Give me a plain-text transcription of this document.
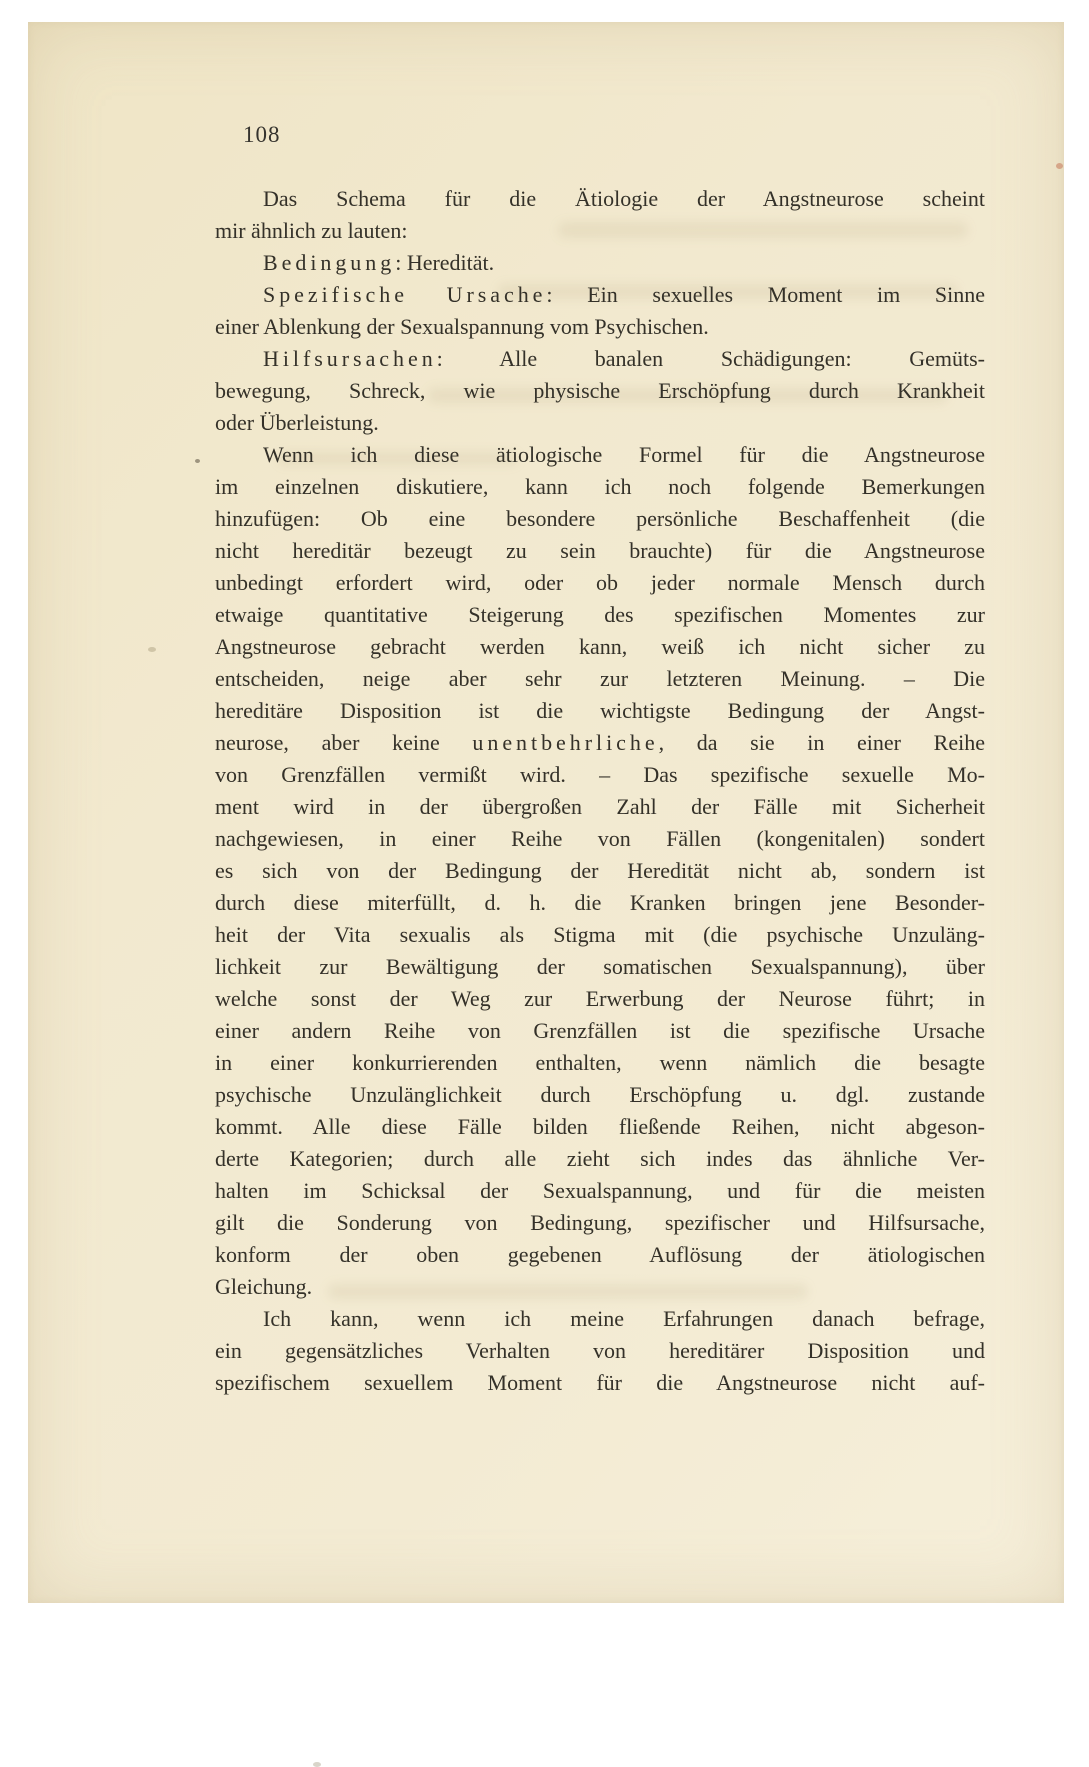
108
Das Schema für die Ätiologie der Angstneurose scheint
mir ähnlich zu lauten:
Bedingung: Heredität.
Spezifische Ursache: Ein sexuelles Moment im Sinne
einer Ablenkung der Sexualspannung vom Psychischen.
Hilfsursachen: Alle banalen Schädigungen: Gemüts-
bewegung, Schreck, wie physische Erschöpfung durch Krankheit
oder Überleistung.
Wenn ich diese ätiologische Formel für die Angstneurose
im einzelnen diskutiere, kann ich noch folgende Bemerkungen
hinzufügen: Ob eine besondere persönliche Beschaffenheit (die
nicht hereditär bezeugt zu sein brauchte) für die Angstneurose
unbedingt erfordert wird, oder ob jeder normale Mensch durch
etwaige quantitative Steigerung des spezifischen Momentes zur
Angstneurose gebracht werden kann, weiß ich nicht sicher zu
entscheiden, neige aber sehr zur letzteren Meinung. – Die
hereditäre Disposition ist die wichtigste Bedingung der Angst-
neurose, aber keine unentbehrliche, da sie in einer Reihe
von Grenzfällen vermißt wird. – Das spezifische sexuelle Mo-
ment wird in der übergroßen Zahl der Fälle mit Sicherheit
nachgewiesen, in einer Reihe von Fällen (kongenitalen) sondert
es sich von der Bedingung der Heredität nicht ab, sondern ist
durch diese miterfüllt, d. h. die Kranken bringen jene Besonder-
heit der Vita sexualis als Stigma mit (die psychische Unzuläng-
lichkeit zur Bewältigung der somatischen Sexualspannung), über
welche sonst der Weg zur Erwerbung der Neurose führt; in
einer andern Reihe von Grenzfällen ist die spezifische Ursache
in einer konkurrierenden enthalten, wenn nämlich die besagte
psychische Unzulänglichkeit durch Erschöpfung u. dgl. zustande
kommt. Alle diese Fälle bilden fließende Reihen, nicht abgeson-
derte Kategorien; durch alle zieht sich indes das ähnliche Ver-
halten im Schicksal der Sexualspannung, und für die meisten
gilt die Sonderung von Bedingung, spezifischer und Hilfsursache,
konform der oben gegebenen Auflösung der ätiologischen
Gleichung.
Ich kann, wenn ich meine Erfahrungen danach befrage,
ein gegensätzliches Verhalten von hereditärer Disposition und
spezifischem sexuellem Moment für die Angstneurose nicht auf-
